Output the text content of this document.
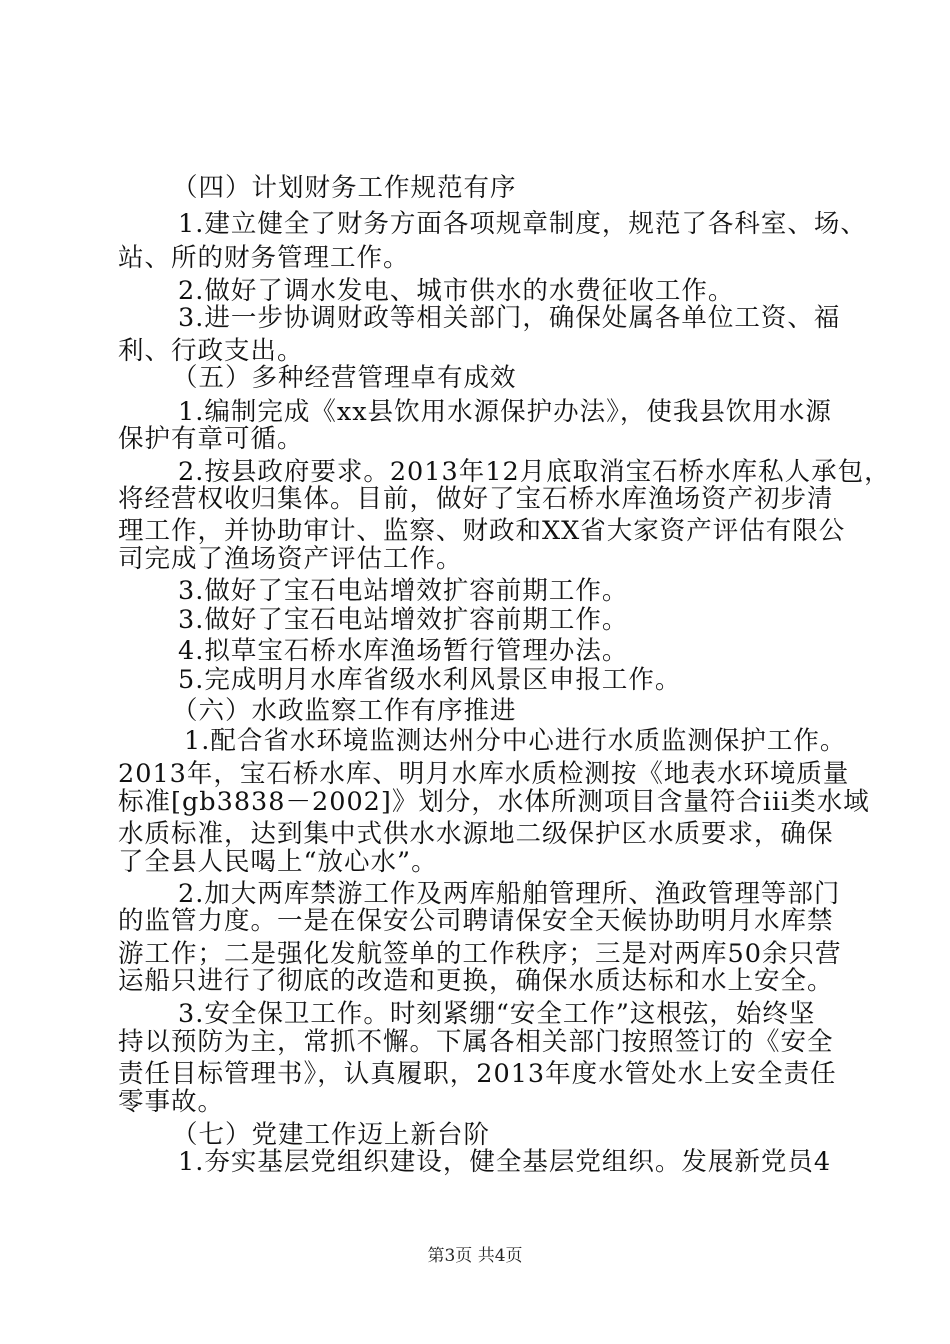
（四）计划财务工作规范有序
1.建立健全了财务方面各项规章制度，规范了各科室、场、
站、所的财务管理工作。
2.做好了调水发电、城市供水的水费征收工作。
3.进一步协调财政等相关部门，确保处属各单位工资、福
利、行政支出。
（五）多种经营管理卓有成效
1.编制完成《xx县饮用水源保护办法》，使我县饮用水源
保护有章可循。
2.按县政府要求。2013年12月底取消宝石桥水库私人承包，
将经营权收归集体。目前，做好了宝石桥水库渔场资产初步清
理工作，并协助审计、监察、财政和XX省大家资产评估有限公
司完成了渔场资产评估工作。
3.做好了宝石电站增效扩容前期工作。
3.做好了宝石电站增效扩容前期工作。
4.拟草宝石桥水库渔场暂行管理办法。
5.完成明月水库省级水利风景区申报工作。
（六）水政监察工作有序推进
1.配合省水环境监测达州分中心进行水质监测保护工作。
2013年，宝石桥水库、明月水库水质检测按《地表水环境质量
标准[gb3838－2002]》划分，水体所测项目含量符合iii类水域
水质标准，达到集中式供水水源地二级保护区水质要求，确保
了全县人民喝上“放心水”。
2.加大两库禁游工作及两库船舶管理所、渔政管理等部门
的监管力度。一是在保安公司聘请保安全天候协助明月水库禁
游工作；二是强化发航签单的工作秩序；三是对两库50余只营
运船只进行了彻底的改造和更换，确保水质达标和水上安全。
3.安全保卫工作。时刻紧绷“安全工作”这根弦，始终坚
持以预防为主，常抓不懈。下属各相关部门按照签订的《安全
责任目标管理书》，认真履职，2013年度水管处水上安全责任
零事故。
（七）党建工作迈上新台阶
1.夯实基层党组织建设，健全基层党组织。发展新党员4
第3页 共4页
